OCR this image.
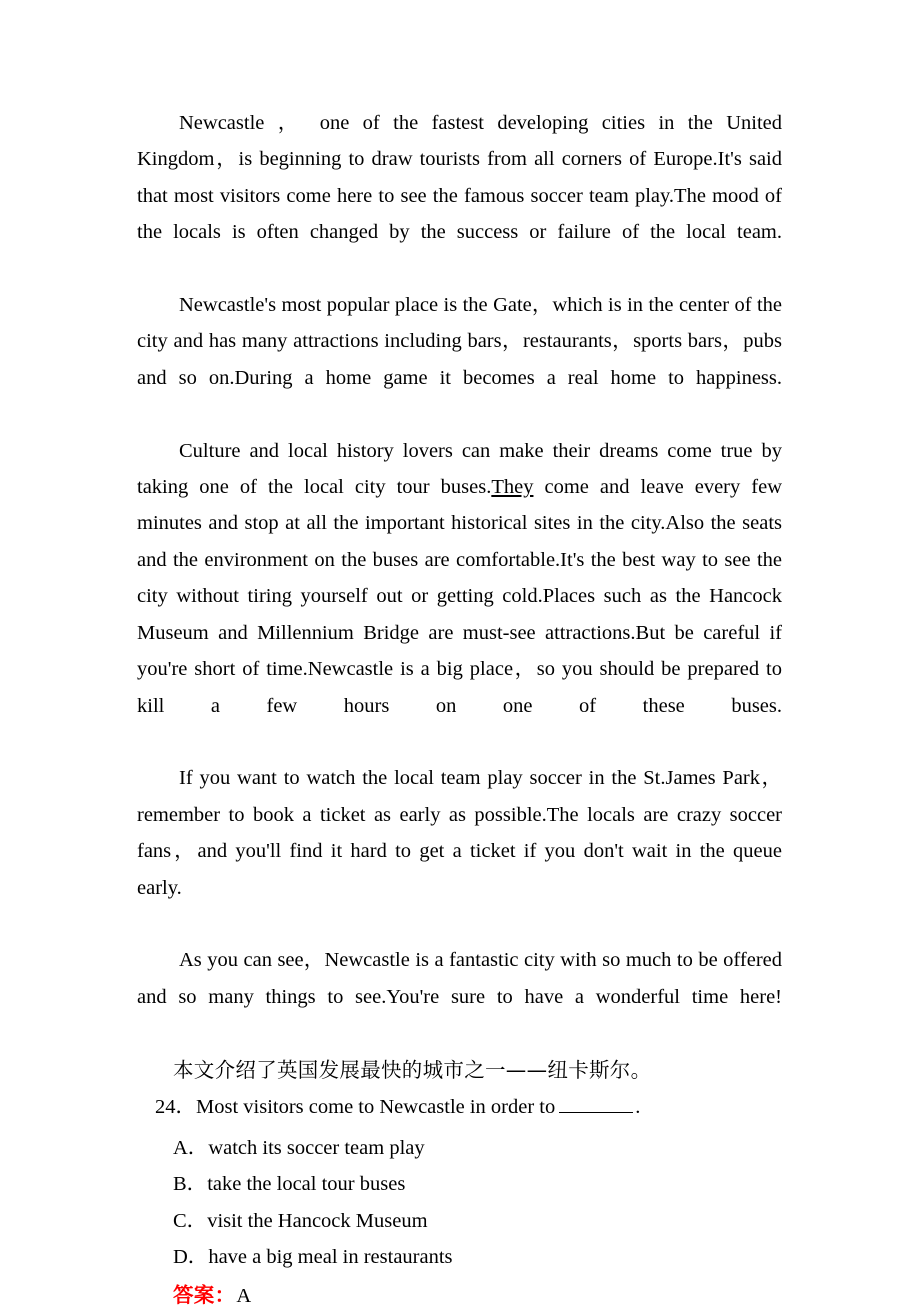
Newcastle ， one of the fastest developing cities in the United Kingdom，is beginning to draw tourists from all corners of Europe.It's said that most visitors come here to see the famous soccer team play.The mood of the locals is often changed by the success or failure of the local team.

Newcastle's most popular place is the Gate，which is in the center of the city and has many attractions including bars，restaurants，sports bars，pubs and so on.During a home game it becomes a real home to happiness.

Culture and local history lovers can make their dreams come true by taking one of the local city tour buses.They come and leave every few minutes and stop at all the important historical sites in the city.Also the seats and the environment on the buses are comfortable.It's the best way to see the city without tiring yourself out or getting cold.Places such as the Hancock Museum and Millennium Bridge are must-see attractions.But be careful if you're short of time.Newcastle is a big place，so you should be prepared to kill a few hours on one of these buses.

If you want to watch the local team play soccer in the St.James Park，remember to book a ticket as early as possible.The locals are crazy soccer fans，and you'll find it hard to get a ticket if you don't wait in the queue early.

As you can see，Newcastle is a fantastic city with so much to be offered and so many things to see.You're sure to have a wonderful time here!

本文介绍了英国发展最快的城市之一——纽卡斯尔。

24．Most visitors come to Newcastle in order to	.

A．watch its soccer team play
B．take the local tour buses
C．visit the Hancock Museum
D．have a big meal in restaurants

答案：A
